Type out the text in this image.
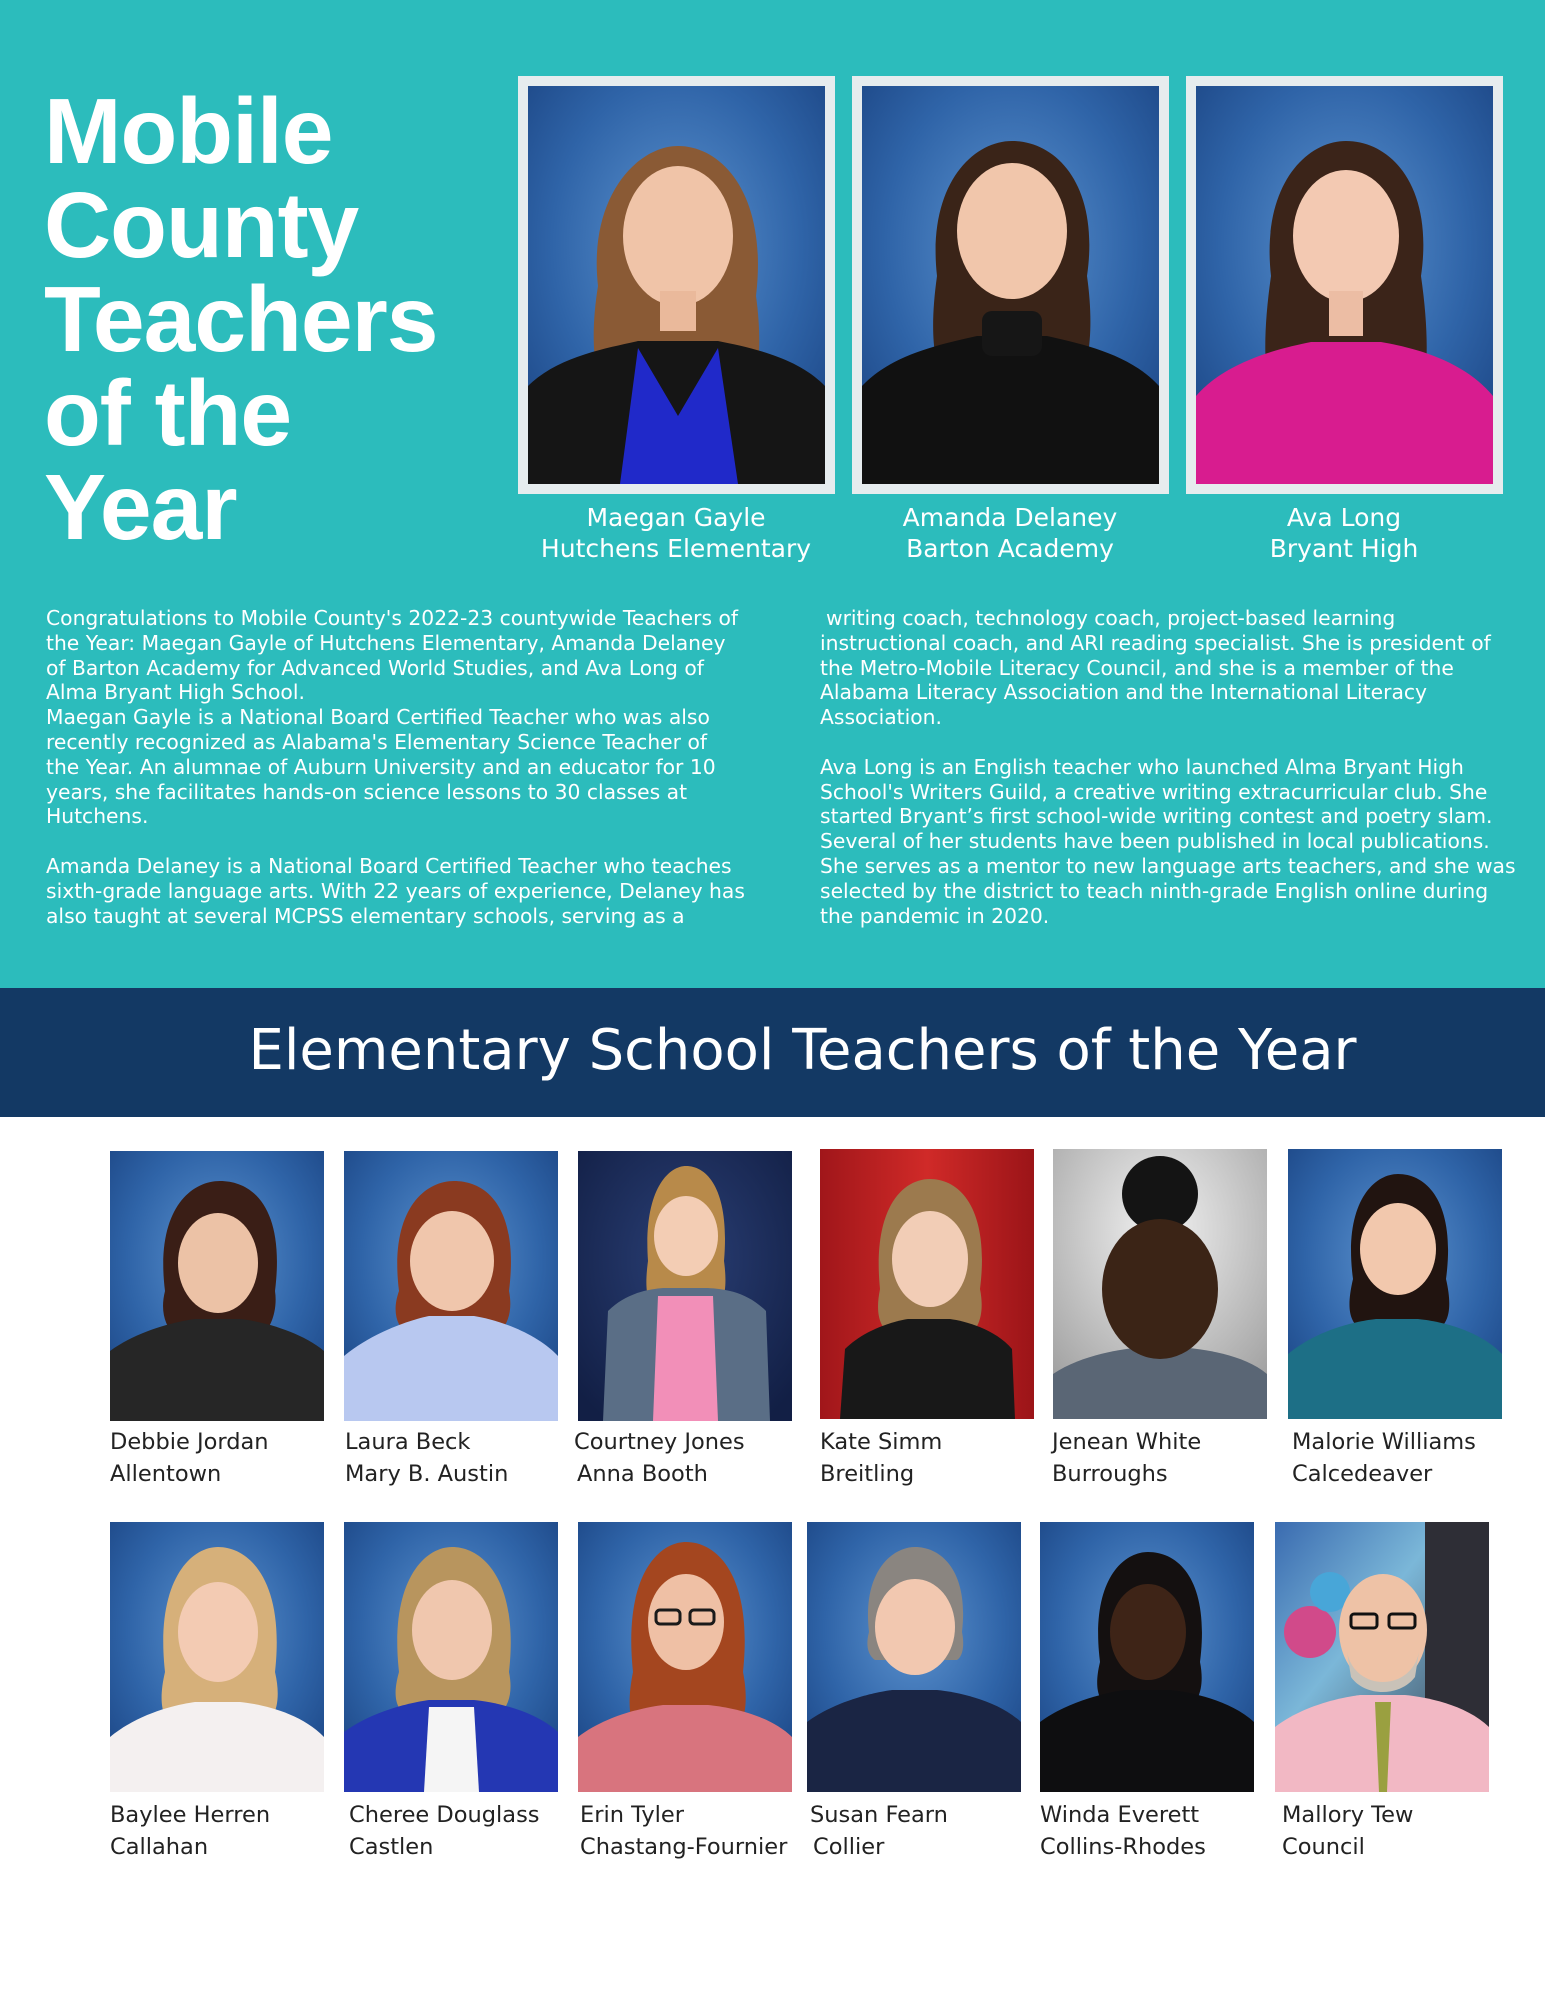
Mobile
County
Teachers
of the
Year	Maegan Gayle
Hutchens Elementary
Amanda Delaney
Barton Academy
Ava Long
Bryant High

Congratulations to Mobile County's 2022-23 countywide Teachers of the Year: Maegan Gayle of Hutchens Elementary, Amanda Delaney of Barton Academy for Advanced World Studies, and Ava Long of Alma Bryant High School.

Maegan Gayle is a National Board Certified Teacher who was also recently recognized as Alabama's Elementary Science Teacher of the Year. An alumnae of Auburn University and an educator for 10 years, she facilitates hands-on science lessons to 30 classes at Hutchens.

Amanda Delaney is a National Board Certified Teacher who teaches sixth-grade language arts. With 22 years of experience, Delaney has also taught at several MCPSS elementary schools, serving as a

writing coach, technology coach, project-based learning instructional coach, and ARI reading specialist. She is president of the Metro-Mobile Literacy Council, and she is a member of the Alabama Literacy Association and the International Literacy Association.

Ava Long is an English teacher who launched Alma Bryant High School's Writers Guild, a creative writing extracurricular club. She started Bryant’s first school-wide writing contest and poetry slam. Several of her students have been published in local publications. She serves as a mentor to new language arts teachers, and she was selected by the district to teach ninth-grade English online during the pandemic in 2020.

Elementary School Teachers of the Year
Debbie Jordan
Allentown
Laura Beck
Mary B. Austin
Courtney Jones
Anna Booth
Kate Simm
Breitling
Jenean White
Burroughs
Malorie Williams
Calcedeaver
Baylee Herren
Callahan
Cheree Douglass
Castlen
Erin Tyler
Chastang-Fournier
Susan Fearn
Collier
Winda Everett
Collins-Rhodes
Mallory Tew
Council
